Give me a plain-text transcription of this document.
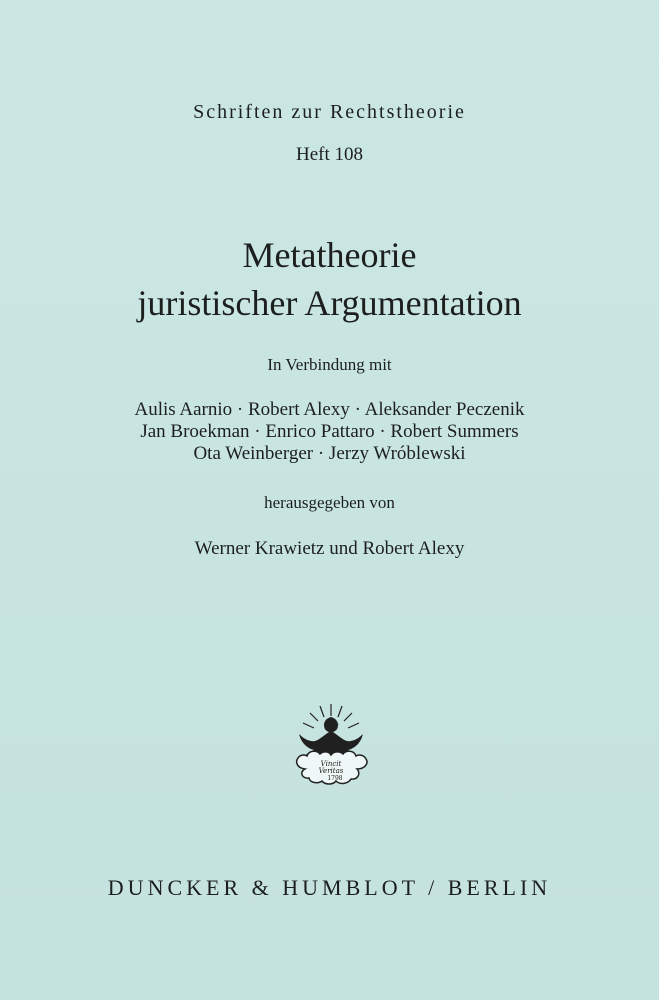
Schriften zur Rechtstheorie
Heft 108
Metatheorie
juristischer Argumentation
In Verbindung mit
Aulis Aarnio · Robert Alexy · Aleksander Peczenik
Jan Broekman · Enrico Pattaro · Robert Summers
Ota Weinberger · Jerzy Wróblewski
herausgegeben von
Werner Krawietz und Robert Alexy
Vincit
Veritas
1798
DUNCKER & HUMBLOT / BERLIN
